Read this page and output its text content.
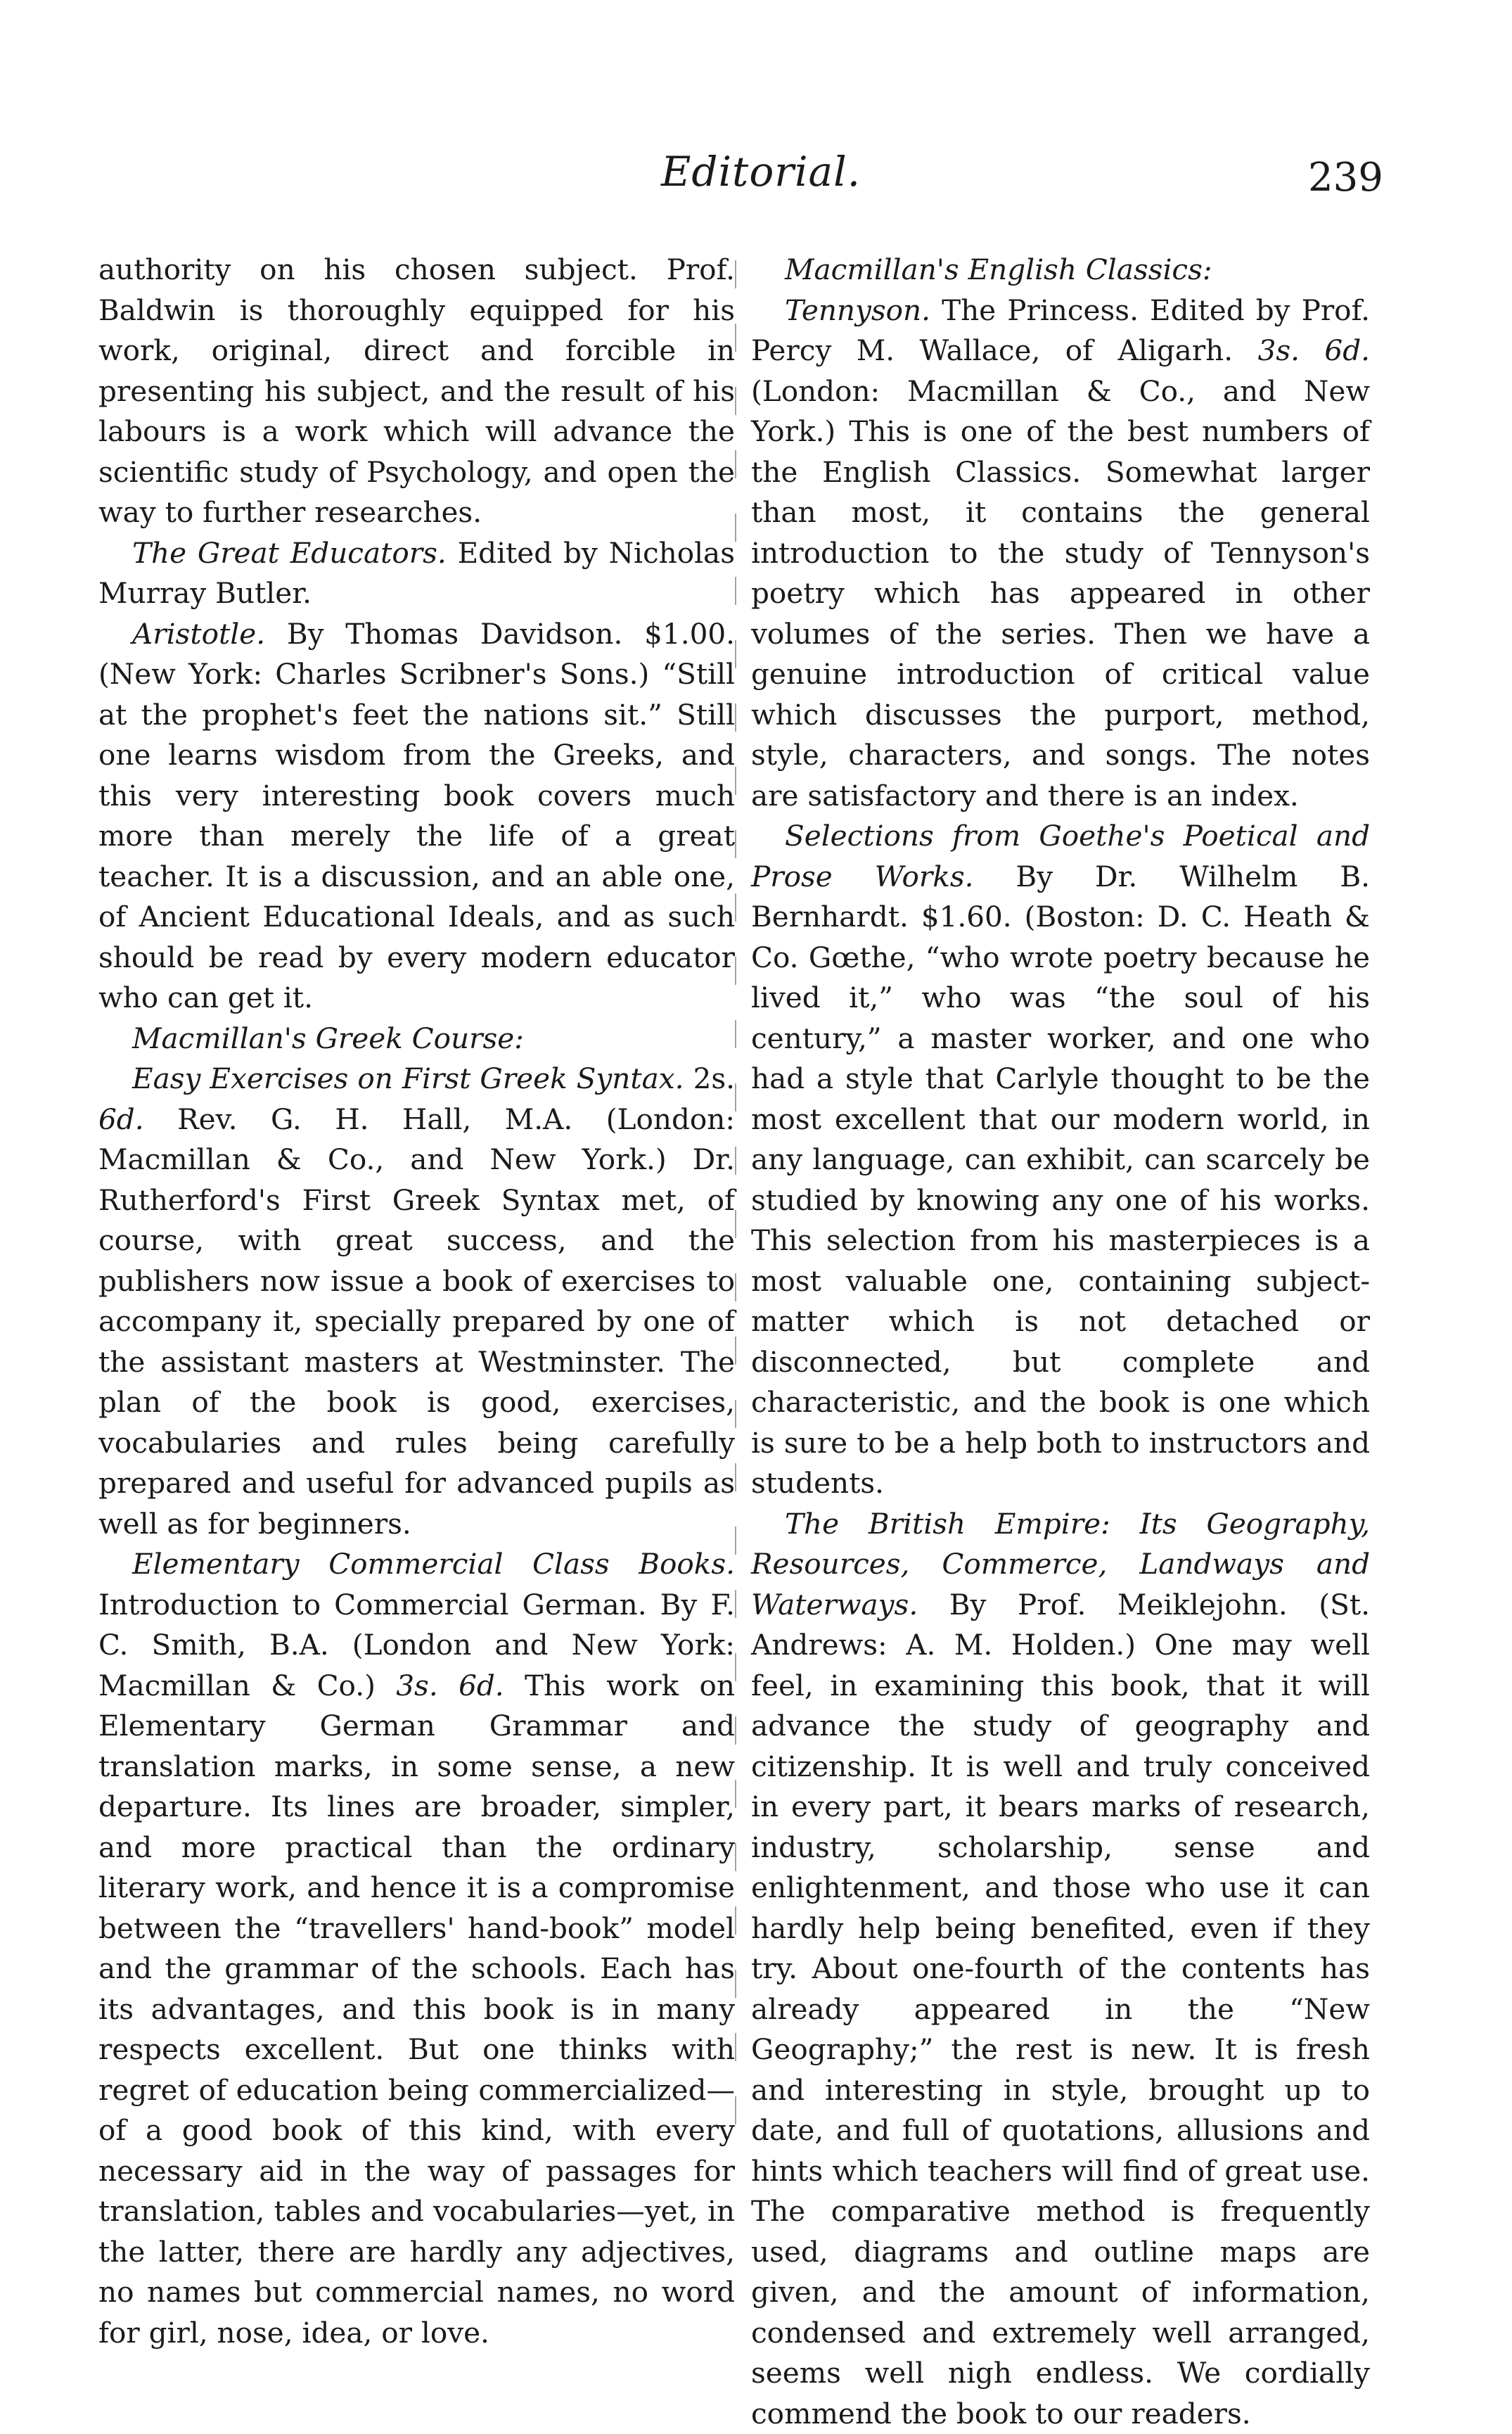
Editorial.	239

authority on his chosen subject. Prof. Baldwin is thoroughly equipped for his work, original, direct and forcible in presenting his subject, and the result of his labours is a work which will advance the scientific study of Psychology, and open the way to further researches.

The Great Educators. Edited by Nicholas Murray Butler.

Aristotle. By Thomas Davidson. $1.00. (New York: Charles Scribner's Sons.) “Still at the prophet's feet the nations sit.” Still one learns wisdom from the Greeks, and this very interesting book covers much more than merely the life of a great teacher. It is a discussion, and an able one, of Ancient Educational Ideals, and as such should be read by every modern educator who can get it.

Macmillan's Greek Course:

Easy Exercises on First Greek Syntax. 2s. 6d. Rev. G. H. Hall, M.A. (London: Macmillan & Co., and New York.) Dr. Rutherford's First Greek Syntax met, of course, with great success, and the publishers now issue a book of exercises to accompany it, specially prepared by one of the assistant masters at Westminster. The plan of the book is good, exercises, vocabularies and rules being carefully prepared and useful for advanced pupils as well as for beginners.

Elementary Commercial Class Books. Introduction to Commercial German. By F. C. Smith, B.A. (London and New York: Macmillan & Co.) 3s. 6d. This work on Elementary German Grammar and translation marks, in some sense, a new departure. Its lines are broader, simpler, and more practical than the ordinary literary work, and hence it is a compromise between the “travellers' hand-book” model and the grammar of the schools. Each has its advantages, and this book is in many respects excellent. But one thinks with regret of education being commercialized—of a good book of this kind, with every necessary aid in the way of passages for translation, tables and vocabularies—yet, in the latter, there are hardly any adjectives, no names but commercial names, no word for girl, nose, idea, or love.

Macmillan's English Classics:

Tennyson. The Princess. Edited by Prof. Percy M. Wallace, of Aligarh. 3s. 6d. (London: Macmillan & Co., and New York.) This is one of the best numbers of the English Classics. Somewhat larger than most, it contains the general introduction to the study of Tennyson's poetry which has appeared in other volumes of the series. Then we have a genuine introduction of critical value which discusses the purport, method, style, characters, and songs. The notes are satisfactory and there is an index.

Selections from Goethe's Poetical and Prose Works. By Dr. Wilhelm B. Bernhardt. $1.60. (Boston: D. C. Heath & Co. Gœthe, “who wrote poetry because he lived it,” who was “the soul of his century,” a master worker, and one who had a style that Carlyle thought to be the most excellent that our modern world, in any language, can exhibit, can scarcely be studied by knowing any one of his works. This selection from his masterpieces is a most valuable one, containing subject-matter which is not detached or disconnected, but complete and characteristic, and the book is one which is sure to be a help both to instructors and students.

The British Empire: Its Geography, Resources, Commerce, Landways and Waterways. By Prof. Meiklejohn. (St. Andrews: A. M. Holden.) One may well feel, in examining this book, that it will advance the study of geography and citizenship. It is well and truly conceived in every part, it bears marks of research, industry, scholarship, sense and enlightenment, and those who use it can hardly help being benefited, even if they try. About one-fourth of the contents has already appeared in the “New Geography;” the rest is new. It is fresh and interesting in style, brought up to date, and full of quotations, allusions and hints which teachers will find of great use. The comparative method is frequently used, diagrams and outline maps are given, and the amount of information, condensed and extremely well arranged, seems well nigh endless. We cordially commend the book to our readers.
